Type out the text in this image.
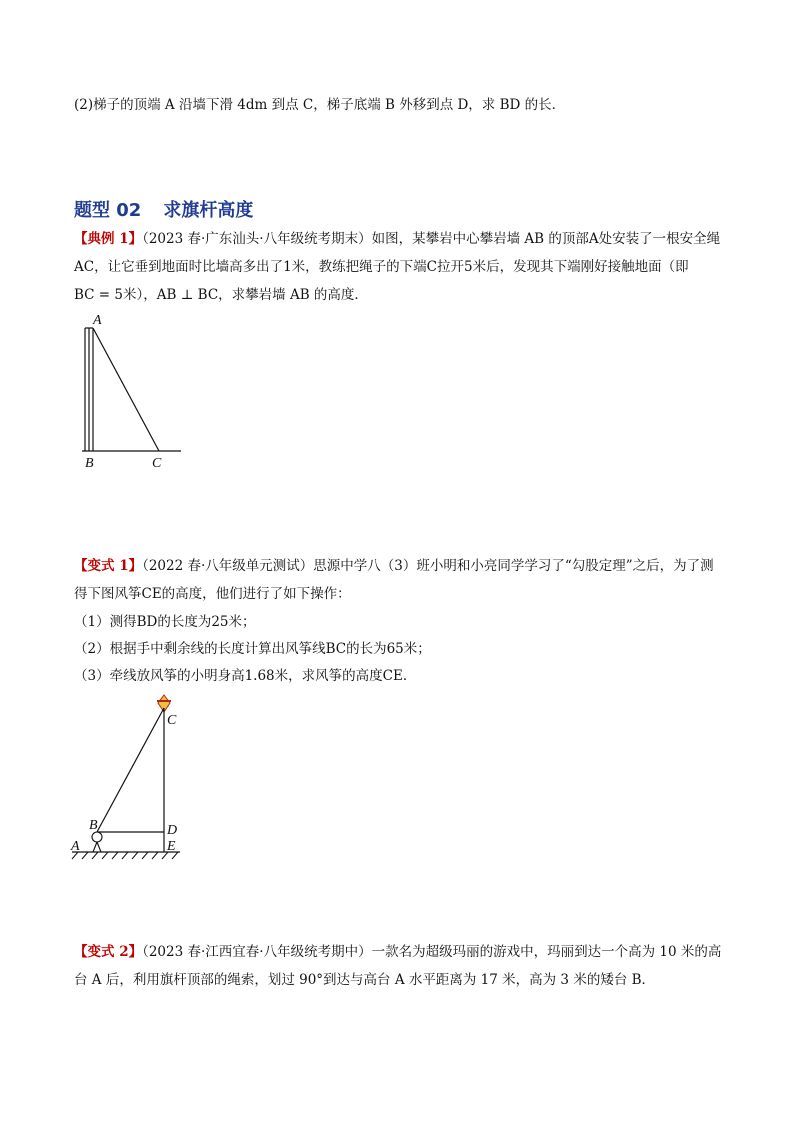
(2)梯子的顶端 A 沿墙下滑 4dm 到点 C，梯子底端 B 外移到点 D，求 BD 的长．
题型 02 求旗杆高度
【典例 1】（2023 春·广东汕头·八年级统考期末）如图，某攀岩中心攀岩墙 AB 的顶部A处安装了一根安全绳
AC，让它垂到地面时比墙高多出了1米，教练把绳子的下端C拉开5米后，发现其下端刚好接触地面（即
BC = 5米），AB ⊥ BC，求攀岩墙 AB 的高度．
A
B	C
【变式 1】（2022 春·八年级单元测试）思源中学八（3）班小明和小亮同学学习了“勾股定理”之后，为了测
得下图风筝CE的高度，他们进行了如下操作：
（1）测得BD的长度为25米；
（2）根据手中剩余线的长度计算出风筝线BC的长为65米；
（3）牵线放风筝的小明身高1.68米，求风筝的高度CE．
C
B	D
A	E
【变式 2】（2023 春·江西宜春·八年级统考期中）一款名为超级玛丽的游戏中，玛丽到达一个高为 10 米的高
台 A 后，利用旗杆顶部的绳索，划过 90°到达与高台 A 水平距离为 17 米，高为 3 米的矮台 B．
